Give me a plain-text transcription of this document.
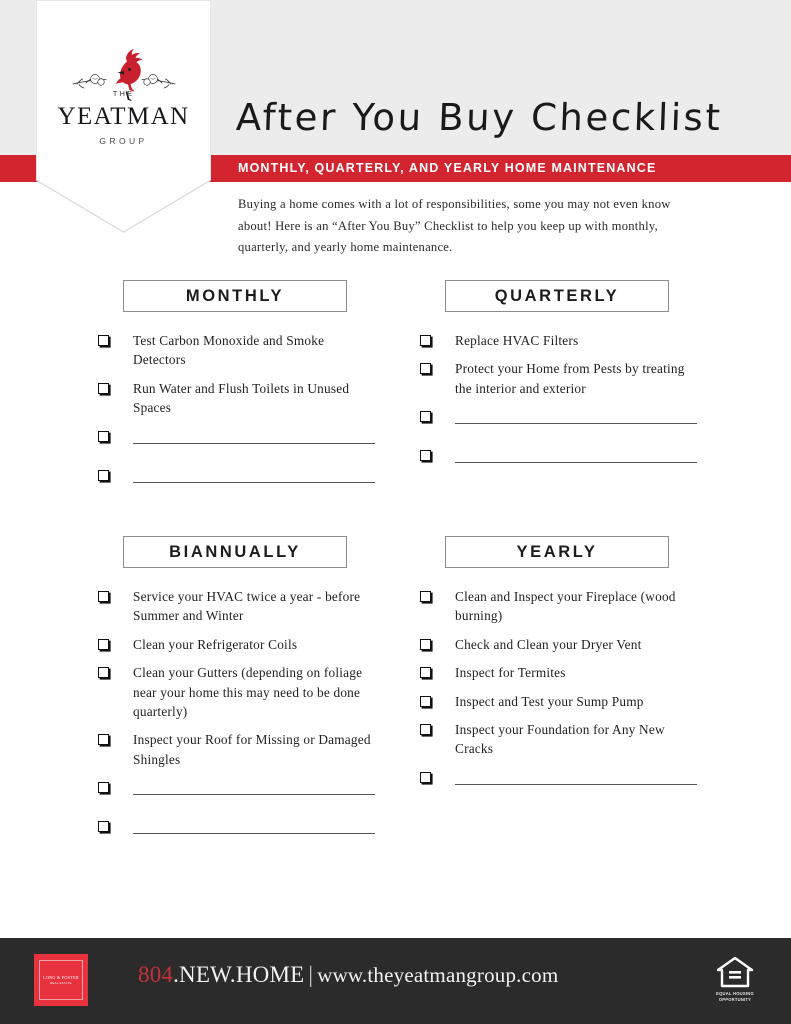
MONTHLY, QUARTERLY, AND YEARLY HOME MAINTENANCE
After You Buy Checklist
THE
YEATMAN
GROUP
Buying a home comes with a lot of responsibilities, some you may not even know about! Here is an “After You Buy” Checklist to help you keep up with monthly, quarterly, and yearly home maintenance.
MONTHLY
Test Carbon Monoxide and Smoke Detectors
Run Water and Flush Toilets in Unused Spaces
QUARTERLY
Replace HVAC Filters
Protect your Home from Pests by treating the interior and exterior
BIANNUALLY
Service your HVAC twice a year - before Summer and Winter
Clean your Refrigerator Coils
Clean your Gutters (depending on foliage near your home this may need to be done quarterly)
Inspect your Roof for Missing or Damaged Shingles
YEARLY
Clean and Inspect your Fireplace (wood burning)
Check and Clean your Dryer Vent
Inspect for Termites
Inspect and Test your Sump Pump
Inspect your Foundation for Any New Cracks
LONG & FOSTER
REAL ESTATE	804.NEW.HOME | www.theyeatmangroup.com
EQUAL HOUSING
OPPORTUNITY
